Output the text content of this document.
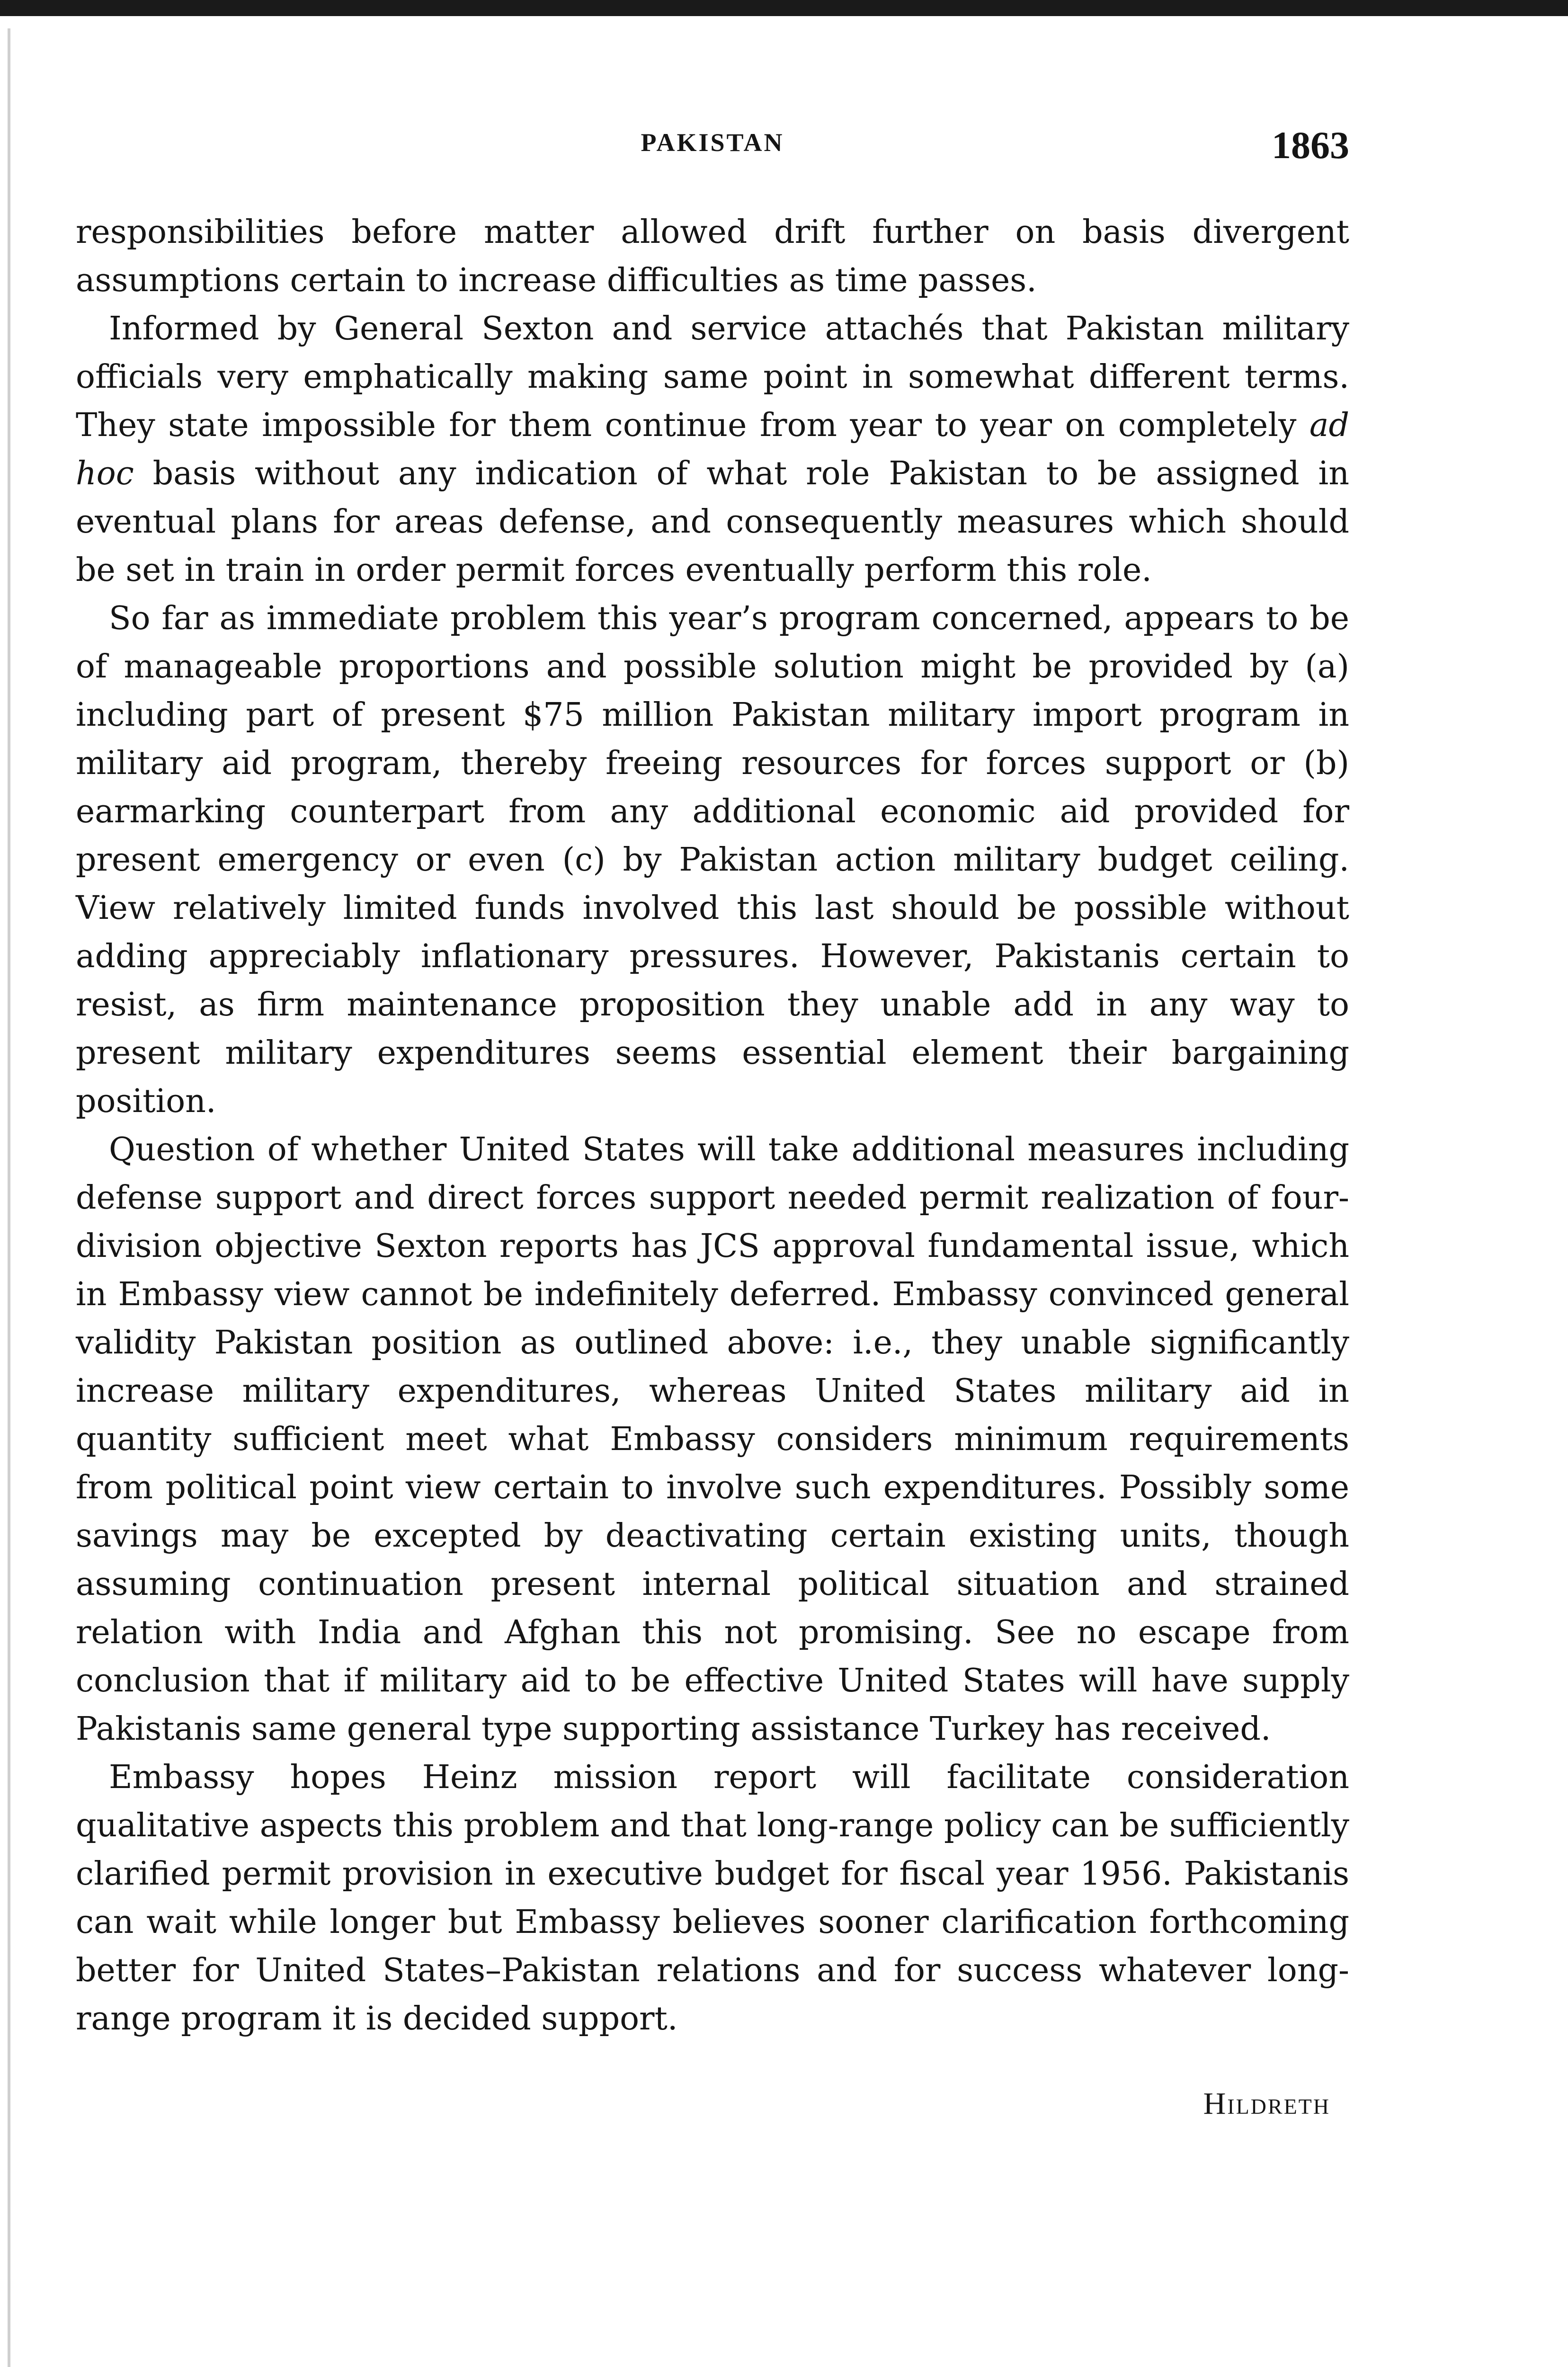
PAKISTAN	1863

responsibilities before matter allowed drift further on basis divergent assumptions certain to increase difficulties as time passes.

Informed by General Sexton and service attachés that Pakistan military officials very emphatically making same point in somewhat different terms. They state impossible for them continue from year to year on completely ad hoc basis without any indication of what role Pakistan to be assigned in eventual plans for areas defense, and consequently measures which should be set in train in order permit forces eventually perform this role.

So far as immediate problem this year’s program concerned, appears to be of manageable proportions and possible solution might be provided by (a) including part of present $75 million Pakistan military import program in military aid program, thereby freeing resources for forces support or (b) earmarking counterpart from any additional economic aid provided for present emergency or even (c) by Pakistan action military budget ceiling. View relatively limited funds involved this last should be possible without adding appreciably inflationary pressures. However, Pakistanis certain to resist, as firm maintenance proposition they unable add in any way to present military expenditures seems essential element their bargaining position.

Question of whether United States will take additional measures including defense support and direct forces support needed permit realization of four-division objective Sexton reports has JCS approval fundamental issue, which in Embassy view cannot be indefinitely deferred. Embassy convinced general validity Pakistan position as outlined above: i.e., they unable significantly increase military expenditures, whereas United States military aid in quantity sufficient meet what Embassy considers minimum requirements from political point view certain to involve such expenditures. Possibly some savings may be excepted by deactivating certain existing units, though assuming continuation present internal political situation and strained relation with India and Afghan this not promising. See no escape from conclusion that if military aid to be effective United States will have supply Pakistanis same general type supporting assistance Turkey has received.

Embassy hopes Heinz mission report will facilitate consideration qualitative aspects this problem and that long-range policy can be sufficiently clarified permit provision in executive budget for fiscal year 1956. Pakistanis can wait while longer but Embassy believes sooner clarification forthcoming better for United States–Pakistan relations and for success whatever long-range program it is decided support.

Hildreth
